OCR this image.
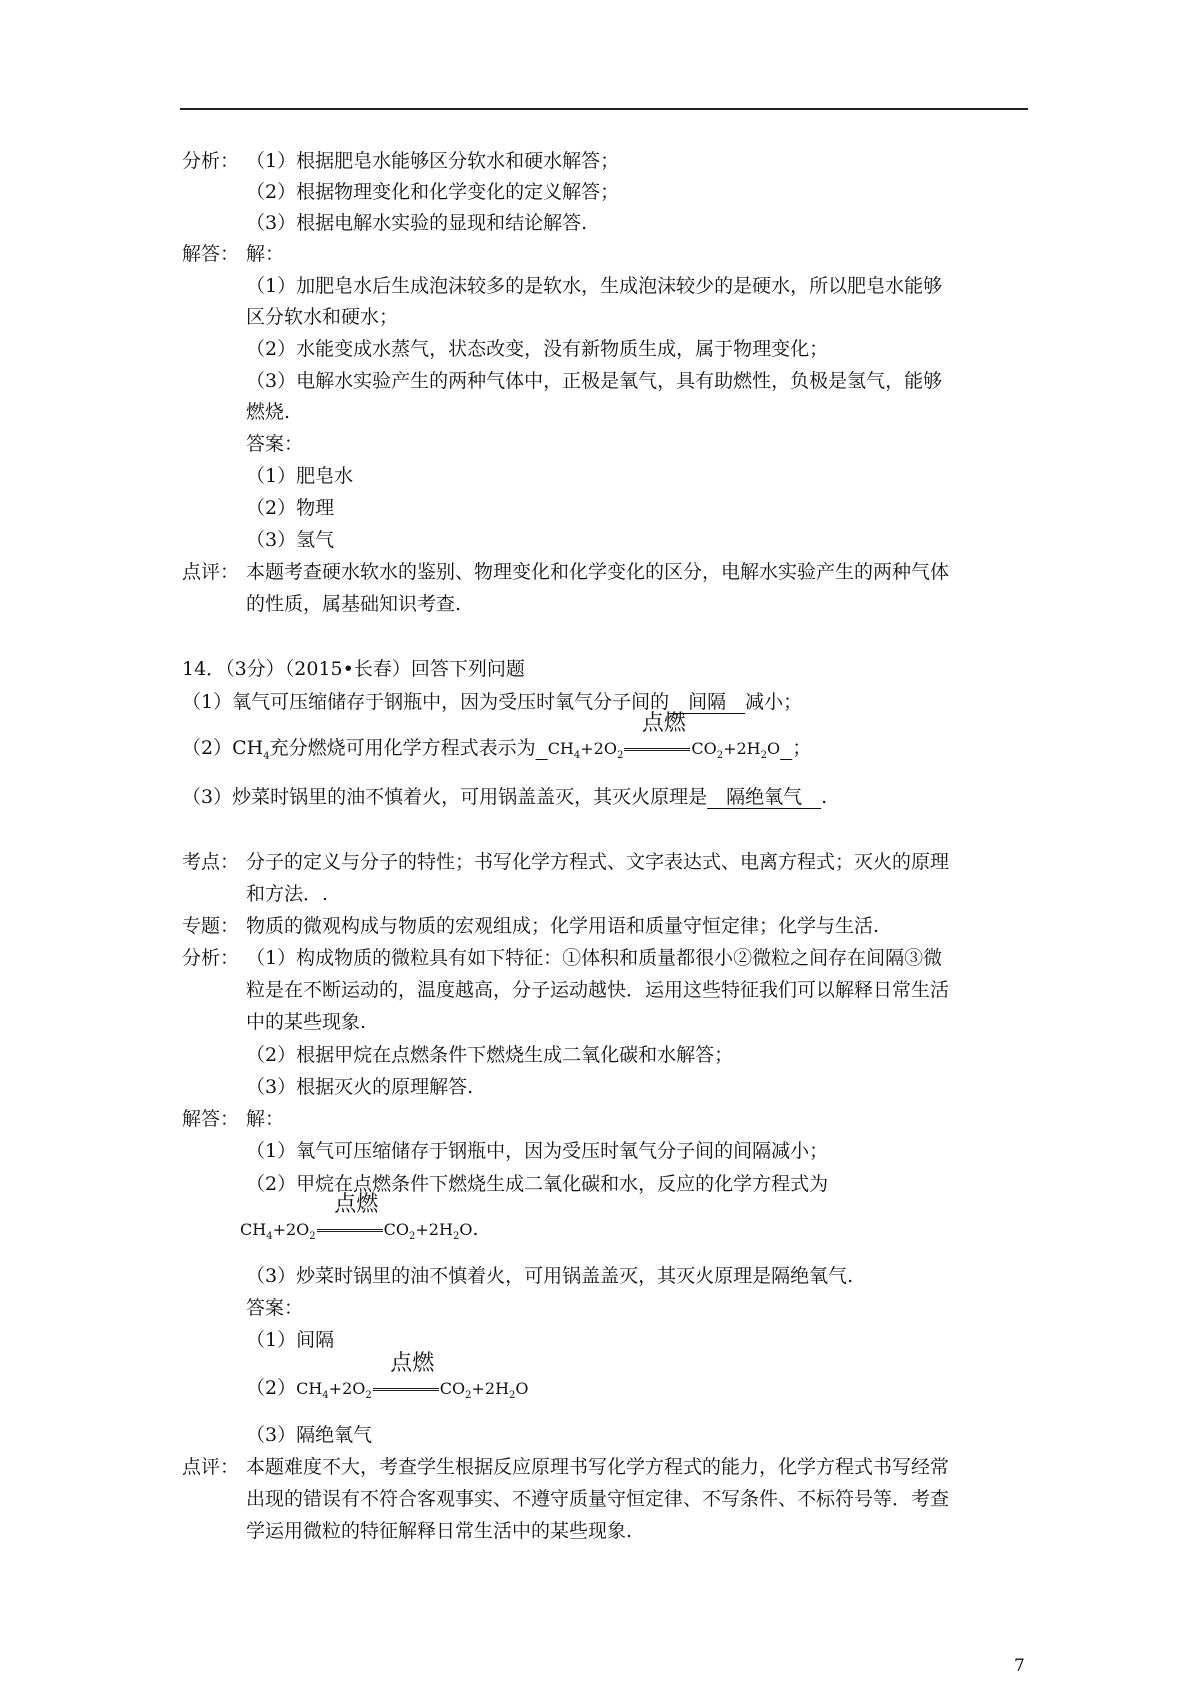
分析： （1）根据肥皂水能够区分软水和硬水解答；
（2）根据物理变化和化学变化的定义解答；
（3）根据电解水实验的显现和结论解答.
解答： 解：
（1）加肥皂水后生成泡沫较多的是软水，生成泡沫较少的是硬水，所以肥皂水能够
区分软水和硬水；
（2）水能变成水蒸气，状态改变，没有新物质生成，属于物理变化；
（3）电解水实验产生的两种气体中，正极是氧气，具有助燃性，负极是氢气，能够
燃烧.
答案：
（1）肥皂水
（2）物理
（3）氢气
点评： 本题考查硬水软水的鉴别、物理变化和化学变化的区分，电解水实验产生的两种气体
的性质，属基础知识考查.
14．（3分）（2015•长春）回答下列问题
（1）氧气可压缩储存于钢瓶中，因为受压时氧气分子间的　间隔　减小；
$(2)CH_4$充分燃烧可用化学方程式表示为 $CH_4+2O_2$	$CO_2+2H_2O$
点燃
；
（3）炒菜时锅里的油不慎着火，可用锅盖盖灭，其灭火原理是　隔绝氧气　.
考点： 分子的定义与分子的特性；书写化学方程式、文字表达式、电离方程式；灭火的原理
和方法．.
专题： 物质的微观构成与物质的宏观组成；化学用语和质量守恒定律；化学与生活.
分析： （1）构成物质的微粒具有如下特征：①体积和质量都很小②微粒之间存在间隔③微
粒是在不断运动的，温度越高，分子运动越快．运用这些特征我们可以解释日常生活
中的某些现象.
（2）根据甲烷在点燃条件下燃烧生成二氧化碳和水解答；
（3）根据灭火的原理解答.
解答： 解：
（1）氧气可压缩储存于钢瓶中，因为受压时氧气分子间的间隔减小；
（2）甲烷在点燃条件下燃烧生成二氧化碳和水，反应的化学方程式为
$CH_4+2O_2$	$CO_2+2H_2O$
点燃
.
（3）炒菜时锅里的油不慎着火，可用锅盖盖灭，其灭火原理是隔绝氧气.
答案：
（1）间隔
$(2)CH_4+2O_2$	$CO_2+2H_2O$
点燃
（3）隔绝氧气
点评： 本题难度不大，考查学生根据反应原理书写化学方程式的能力，化学方程式书写经常
出现的错误有不符合客观事实、不遵守质量守恒定律、不写条件、不标符号等．考查
学运用微粒的特征解释日常生活中的某些现象.
7
